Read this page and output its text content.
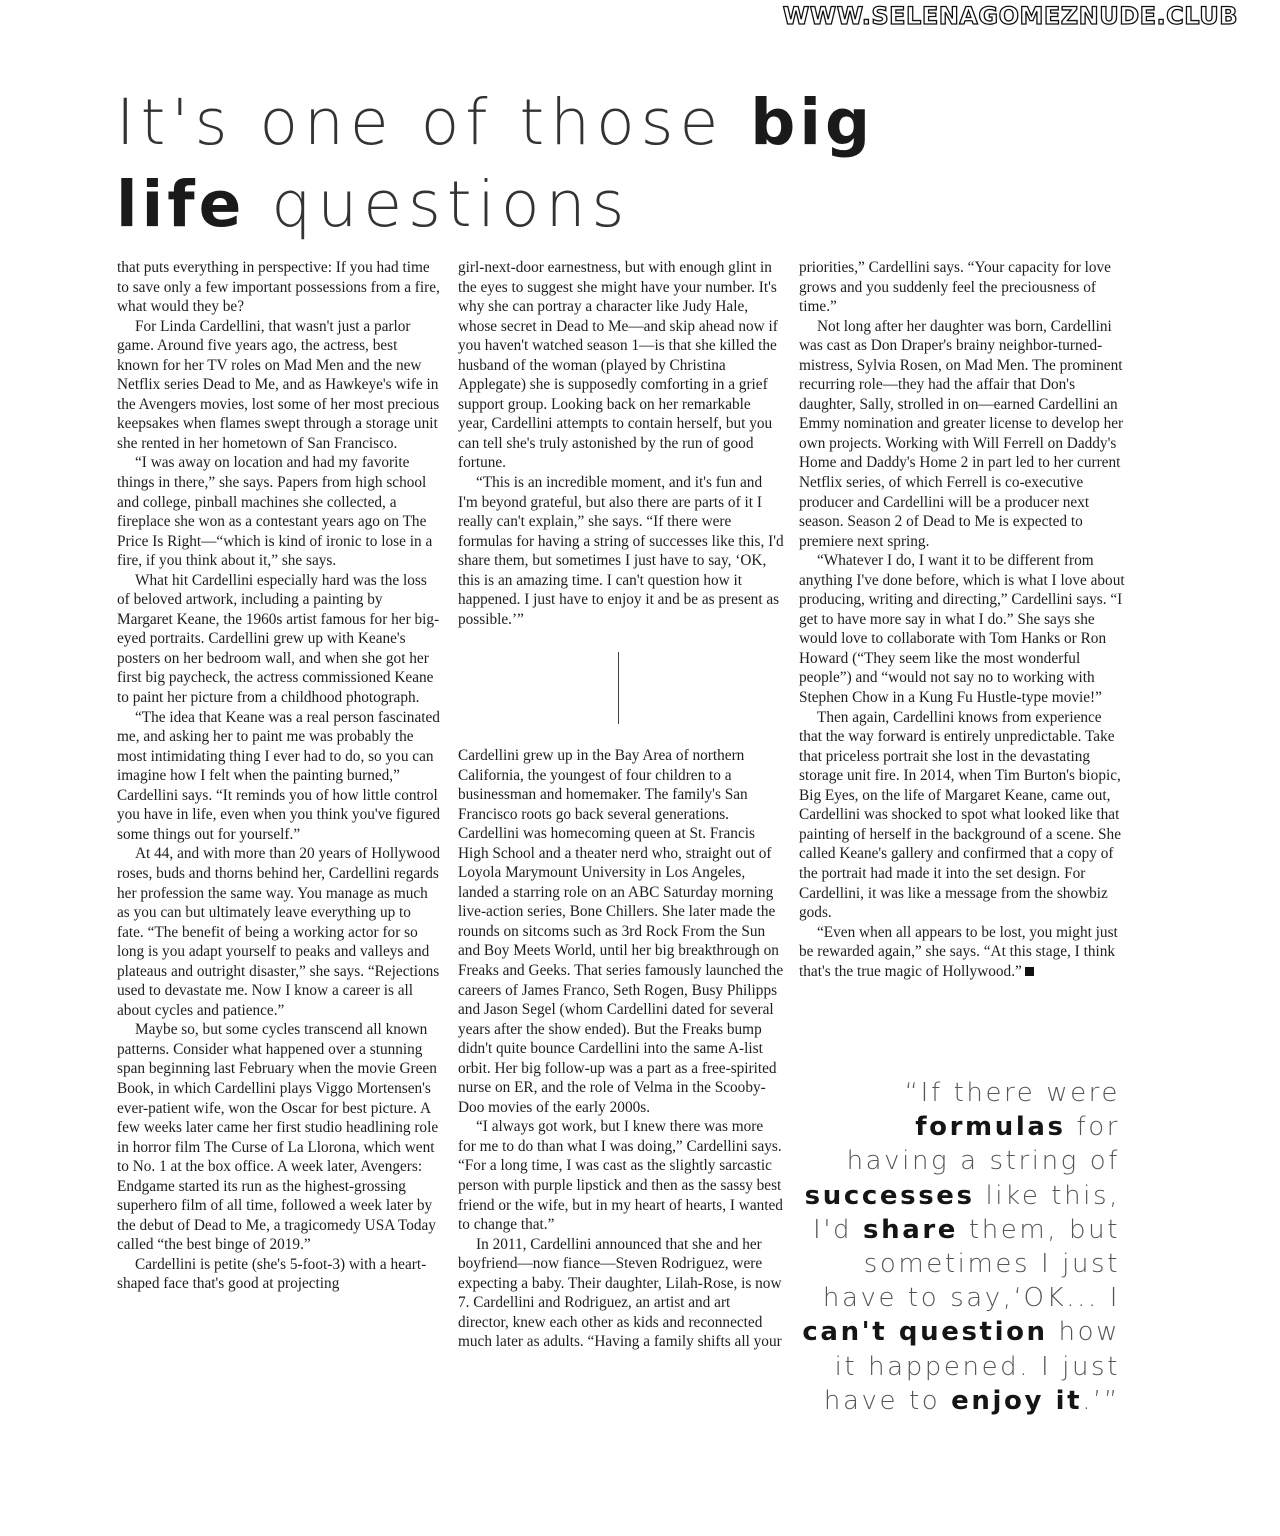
WWW.SELENAGOMEZNUDE.CLUB
It's one of those big
life questions

that puts everything in perspective: If you had time to save only a few important possessions from a fire, what would they be?

For Linda Cardellini, that wasn't just a parlor game. Around five years ago, the actress, best known for her TV roles on Mad Men and the new Netflix series Dead to Me, and as Hawkeye's wife in the Avengers movies, lost some of her most precious keepsakes when flames swept through a storage unit she rented in her hometown of San Francisco.

“I was away on location and had my favorite things in there,” she says. Papers from high school and college, pinball machines she collected, a fireplace she won as a contestant years ago on The Price Is Right—“which is kind of ironic to lose in a fire, if you think about it,” she says.

What hit Cardellini especially hard was the loss of beloved artwork, including a painting by Margaret Keane, the 1960s artist famous for her big-eyed portraits. Cardellini grew up with Keane's posters on her bedroom wall, and when she got her first big paycheck, the actress commissioned Keane to paint her picture from a childhood photograph.

“The idea that Keane was a real person fascinated me, and asking her to paint me was probably the most intimidating thing I ever had to do, so you can imagine how I felt when the painting burned,” Cardellini says. “It reminds you of how little control you have in life, even when you think you've figured some things out for yourself.”

At 44, and with more than 20 years of Hollywood roses, buds and thorns behind her, Cardellini regards her profession the same way. You manage as much as you can but ultimately leave everything up to fate. “The benefit of being a working actor for so long is you adapt yourself to peaks and valleys and plateaus and outright disaster,” she says. “Rejections used to devastate me. Now I know a career is all about cycles and patience.”

Maybe so, but some cycles transcend all known patterns. Consider what happened over a stunning span beginning last February when the movie Green Book, in which Cardellini plays Viggo Mortensen's ever-patient wife, won the Oscar for best picture. A few weeks later came her first studio headlining role in horror film The Curse of La Llorona, which went to No. 1 at the box office. A week later, Avengers: Endgame started its run as the highest-grossing superhero film of all time, followed a week later by the debut of Dead to Me, a tragicomedy USA Today called “the best binge of 2019.”

Cardellini is petite (she's 5-foot-3) with a heart-shaped face that's good at projecting

girl-next-door earnestness, but with enough glint in the eyes to suggest she might have your number. It's why she can portray a character like Judy Hale, whose secret in Dead to Me—and skip ahead now if you haven't watched season 1—is that she killed the husband of the woman (played by Christina Applegate) she is supposedly comforting in a grief support group. Looking back on her remarkable year, Cardellini attempts to contain herself, but you can tell she's truly astonished by the run of good fortune.

“This is an incredible moment, and it's fun and I'm beyond grateful, but also there are parts of it I really can't explain,” she says. “If there were formulas for having a string of successes like this, I'd share them, but sometimes I just have to say, ‘OK, this is an amazing time. I can't question how it happened. I just have to enjoy it and be as present as possible.’”

Cardellini grew up in the Bay Area of northern California, the youngest of four children to a businessman and homemaker. The family's San Francisco roots go back several generations. Cardellini was homecoming queen at St. Francis High School and a theater nerd who, straight out of Loyola Marymount University in Los Angeles, landed a starring role on an ABC Saturday morning live-action series, Bone Chillers. She later made the rounds on sitcoms such as 3rd Rock From the Sun and Boy Meets World, until her big breakthrough on Freaks and Geeks. That series famously launched the careers of James Franco, Seth Rogen, Busy Philipps and Jason Segel (whom Cardellini dated for several years after the show ended). But the Freaks bump didn't quite bounce Cardellini into the same A-list orbit. Her big follow-up was a part as a free-spirited nurse on ER, and the role of Velma in the Scooby-Doo movies of the early 2000s.

“I always got work, but I knew there was more for me to do than what I was doing,” Cardellini says. “For a long time, I was cast as the slightly sarcastic person with purple lipstick and then as the sassy best friend or the wife, but in my heart of hearts, I wanted to change that.”

In 2011, Cardellini announced that she and her boyfriend—now fiance—Steven Rodriguez, were expecting a baby. Their daughter, Lilah-Rose, is now 7. Cardellini and Rodriguez, an artist and art director, knew each other as kids and reconnected much later as adults. “Having a family shifts all your

priorities,” Cardellini says. “Your capacity for love grows and you suddenly feel the preciousness of time.”

Not long after her daughter was born, Cardellini was cast as Don Draper's brainy neighbor-turned-mistress, Sylvia Rosen, on Mad Men. The prominent recurring role—they had the affair that Don's daughter, Sally, strolled in on—earned Cardellini an Emmy nomination and greater license to develop her own projects. Working with Will Ferrell on Daddy's Home and Daddy's Home 2 in part led to her current Netflix series, of which Ferrell is co-executive producer and Cardellini will be a producer next season. Season 2 of Dead to Me is expected to premiere next spring.

“Whatever I do, I want it to be different from anything I've done before, which is what I love about producing, writing and directing,” Cardellini says. “I get to have more say in what I do.” She says she would love to collaborate with Tom Hanks or Ron Howard (“They seem like the most wonderful people”) and “would not say no to working with Stephen Chow in a Kung Fu Hustle-type movie!”

Then again, Cardellini knows from experience that the way forward is entirely unpredictable. Take that priceless portrait she lost in the devastating storage unit fire. In 2014, when Tim Burton's biopic, Big Eyes, on the life of Margaret Keane, came out, Cardellini was shocked to spot what looked like that painting of herself in the background of a scene. She called Keane's gallery and confirmed that a copy of the portrait had made it into the set design. For Cardellini, it was like a message from the showbiz gods.

“Even when all appears to be lost, you might just be rewarded again,” she says. “At this stage, I think that's the true magic of Hollywood.”

“If there were
formulas for
having a string of
successes like this,
I'd share them, but
sometimes I just
have to say,‘OK... I
can't question how
it happened. I just
have to enjoy it.’”
